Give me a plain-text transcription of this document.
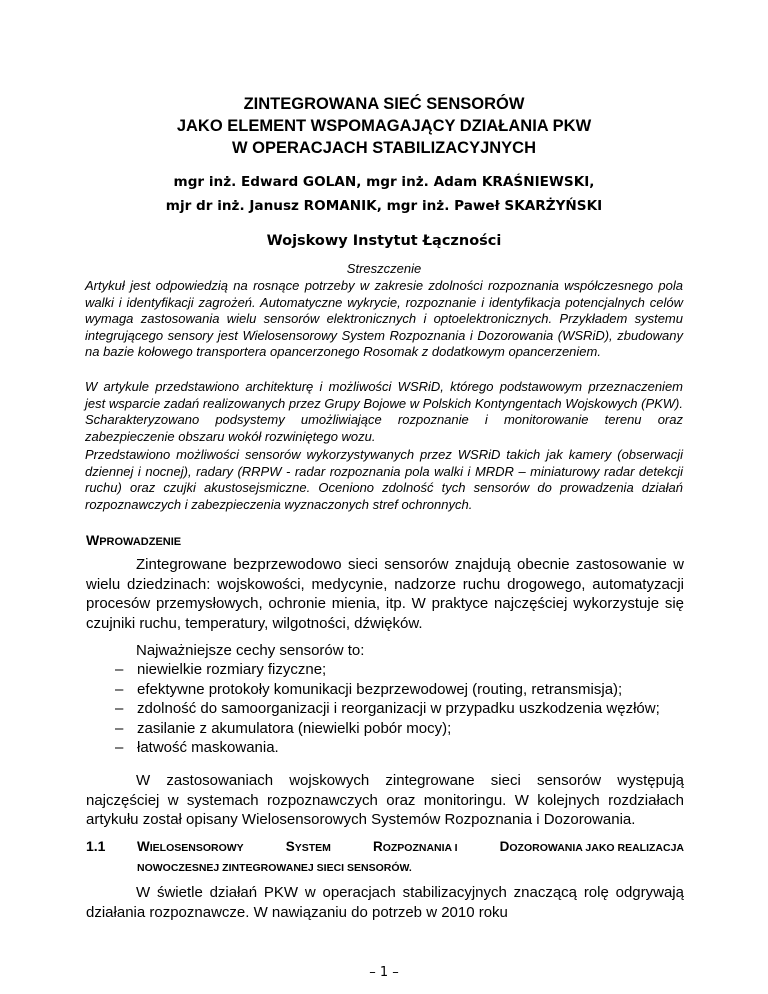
ZINTEGROWANA SIEĆ SENSORÓW
JAKO ELEMENT WSPOMAGAJĄCY DZIAŁANIA PKW
W OPERACJACH STABILIZACYJNYCH
mgr inż. Edward GOLAN, mgr inż. Adam KRAŚNIEWSKI,
mjr dr inż. Janusz ROMANIK, mgr inż. Paweł SKARŻYŃSKI
Wojskowy Instytut Łączności
Streszczenie

Artykuł jest odpowiedzią na rosnące potrzeby w zakresie zdolności rozpoznania współczesnego pola walki i identyfikacji zagrożeń. Automatyczne wykrycie, rozpoznanie i identyfikacja potencjalnych celów wymaga zastosowania wielu sensorów elektronicznych i optoelektronicznych. Przykładem systemu integrującego sensory jest Wielosensorowy System Rozpoznania i Dozorowania (WSRiD), zbudowany na bazie kołowego transportera opancerzonego Rosomak z dodatkowym opancerzeniem.

W artykule przedstawiono architekturę i możliwości WSRiD, którego podstawowym przeznaczeniem jest wsparcie zadań realizowanych przez Grupy Bojowe w Polskich Kontyngentach Wojskowych (PKW). Scharakteryzowano podsystemy umożliwiające rozpoznanie i monitorowanie terenu oraz zabezpieczenie obszaru wokół rozwiniętego wozu.

Przedstawiono możliwości sensorów wykorzystywanych przez WSRiD takich jak kamery (obserwacji dziennej i nocnej), radary (RRPW - radar rozpoznania pola walki i MRDR – miniaturowy radar detekcji ruchu) oraz czujki akustosejsmiczne. Oceniono zdolność tych sensorów do prowadzenia działań rozpoznawczych i zabezpieczenia wyznaczonych stref ochronnych.

WPROWADZENIE

Zintegrowane bezprzewodowo sieci sensorów znajdują obecnie zastosowanie w wielu dziedzinach: wojskowości, medycynie, nadzorze ruchu drogowego, automatyzacji procesów przemysłowych, ochronie mienia, itp. W praktyce najczęściej wykorzystuje się czujniki ruchu, temperatury, wilgotności, dźwięków.

Najważniejsze cechy sensorów to:

– niewielkie rozmiary fizyczne;
– efektywne protokoły komunikacji bezprzewodowej (routing, retransmisja);
– zdolność do samoorganizacji i reorganizacji w przypadku uszkodzenia węzłów;
– zasilanie z akumulatora (niewielki pobór mocy);
– łatwość maskowania.

W zastosowaniach wojskowych zintegrowane sieci sensorów występują najczęściej w systemach rozpoznawczych oraz monitoringu. W kolejnych rozdziałach artykułu został opisany Wielosensorowych Systemów Rozpoznania i Dozorowania.

1.1 WIELOSENSOROWY	SYSTEM	ROZPOZNANIA I	DOZOROWANIA JAKO REALIZACJA
NOWOCZESNEJ ZINTEGROWANEJ SIECI SENSORÓW.

W świetle działań PKW w operacjach stabilizacyjnych znaczącą rolę odgrywają działania rozpoznawcze. W nawiązaniu do potrzeb w 2010 roku

– 1 –
